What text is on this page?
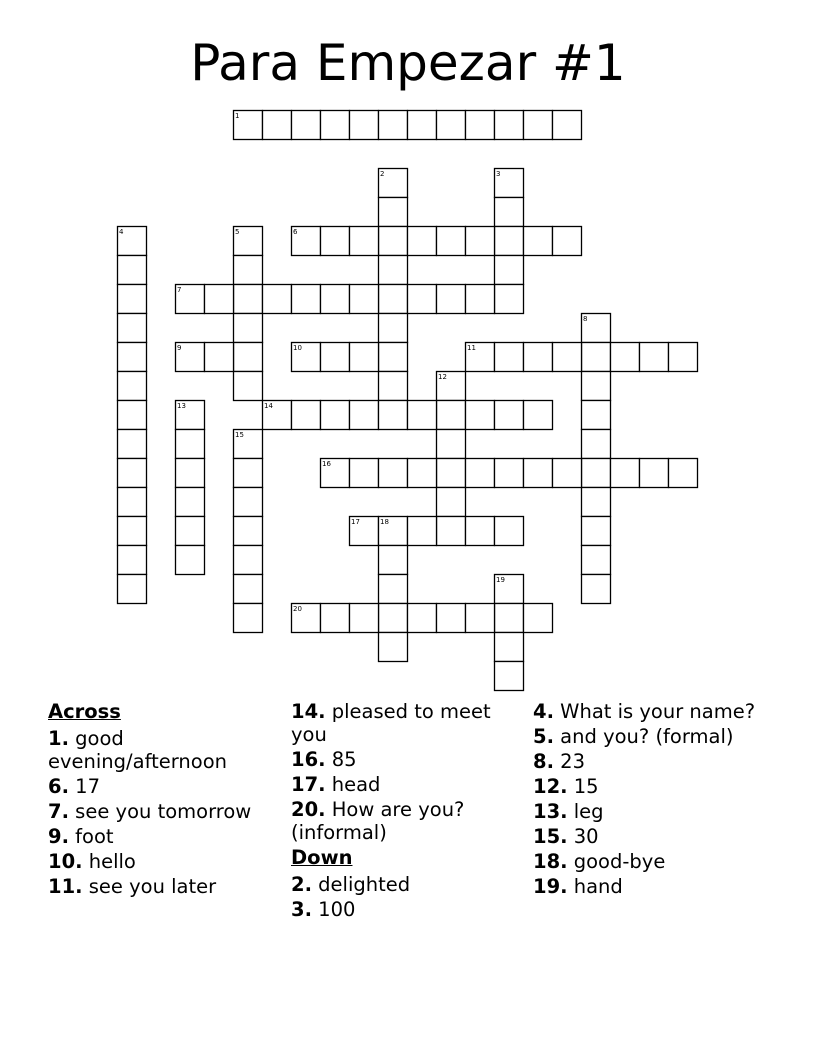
Para Empezar #1
1
2	3
4	5	6
7
8
9	10	11
12
13	14
15
16
17	18
19
20
Across
1. good evening/afternoon
6. 17
7. see you tomorrow
9. foot
10. hello
11. see you later
14. pleased to meet you
16. 85
17. head
20. How are you? (informal)
Down
2. delighted
3. 100
4. What is your name?
5. and you? (formal)
8. 23
12. 15
13. leg
15. 30
18. good-bye
19. hand
